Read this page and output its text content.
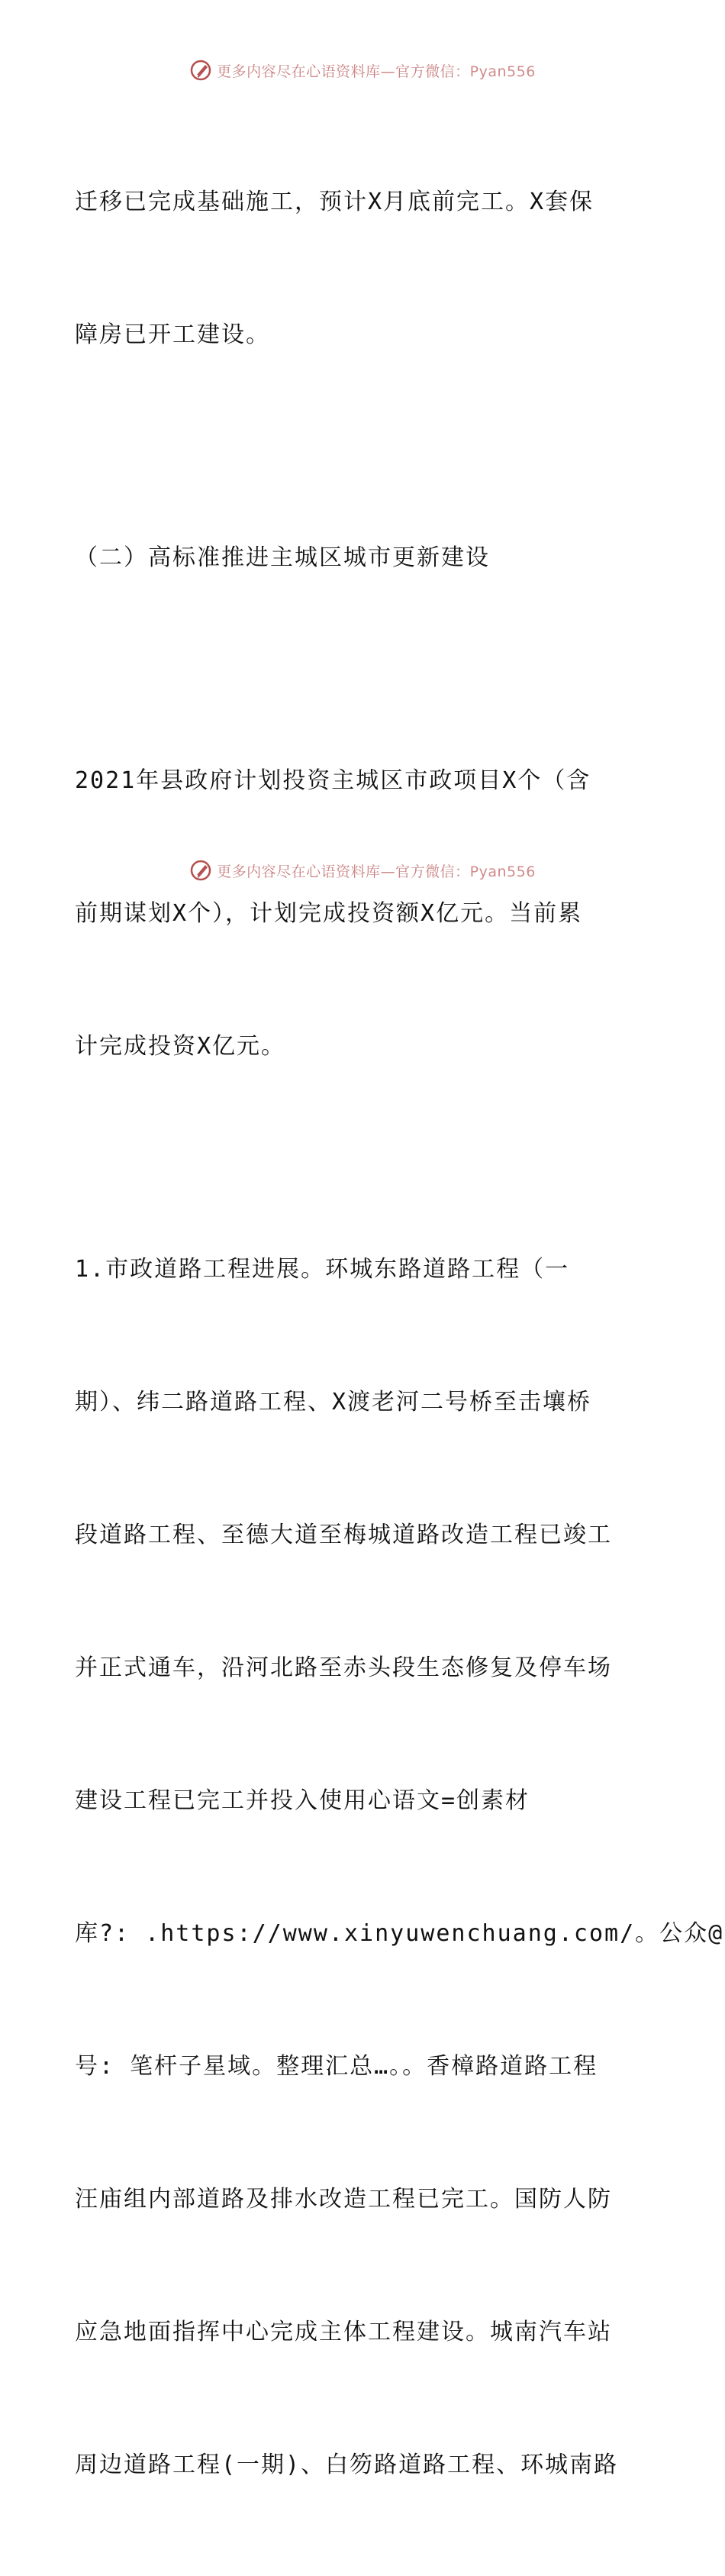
更多内容尽在心语资料库—官方微信：Pyan556

迁移已完成基础施工，预计X月底前完工。X套保

障房已开工建设。

（二）高标准推进主城区城市更新建设

2021年县政府计划投资主城区市政项目X个（含

前期谋划X个），计划完成投资额X亿元。当前累

计完成投资X亿元。

1.市政道路工程进展。环城东路道路工程（一

期）、纬二路道路工程、X渡老河二号桥至击壤桥

段道路工程、至德大道至梅城道路改造工程已竣工

并正式通车，沿河北路至赤头段生态修复及停车场

建设工程已完工并投入使用心语文=创素材

库?: .https://www.xinyuwenchuang.com/。公众@

号: 笔杆子星域。整理汇总…。。香樟路道路工程

汪庙组内部道路及排水改造工程已完工。国防人防

应急地面指挥中心完成主体工程建设。城南汽车站

周边道路工程(一期)、白笏路道路工程、环城南路

更多内容尽在心语资料库—官方微信：Pyan556
